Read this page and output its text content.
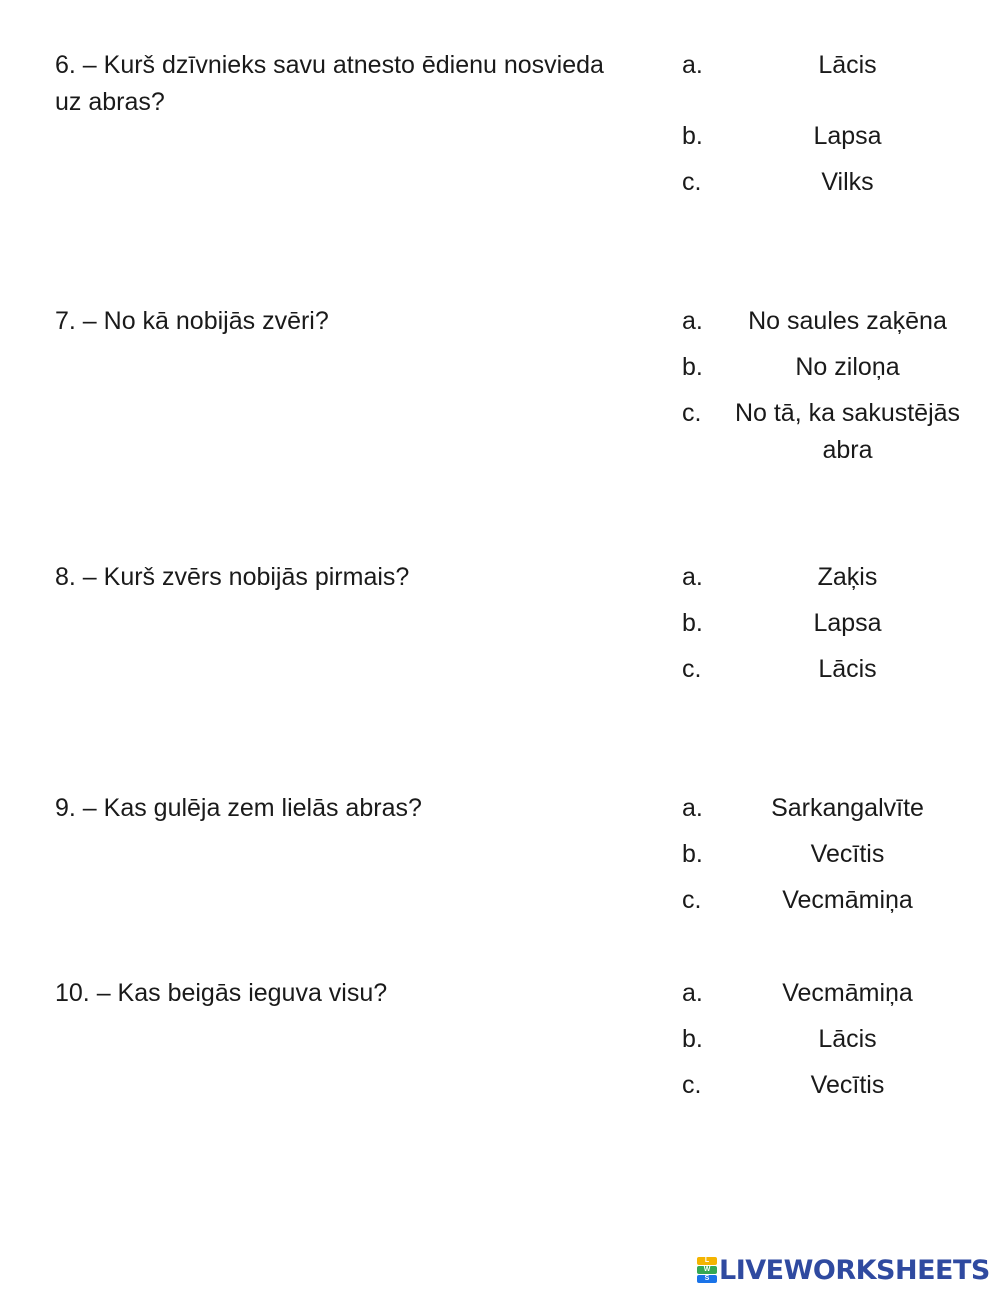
6. – Kurš dzīvnieks savu atnesto ēdienu nosvieda
uz abras?
a.	Lācis
b.	Lapsa
c.	Vilks
7. – No kā nobijās zvēri?	a.	No saules zaķēna
b.	No ziloņa
c.	No tā, ka sakustējās
abra
8. – Kurš zvērs nobijās pirmais?	a.	Zaķis
b.	Lapsa
c.	Lācis
9. – Kas gulēja zem lielās abras?	a.	Sarkangalvīte
b.	Vecītis
c.	Vecmāmiņa
10. – Kas beigās ieguva visu?	a.	Vecmāmiņa
b.	Lācis
c.	Vecītis
L
W
S LIVEWORKSHEETS
